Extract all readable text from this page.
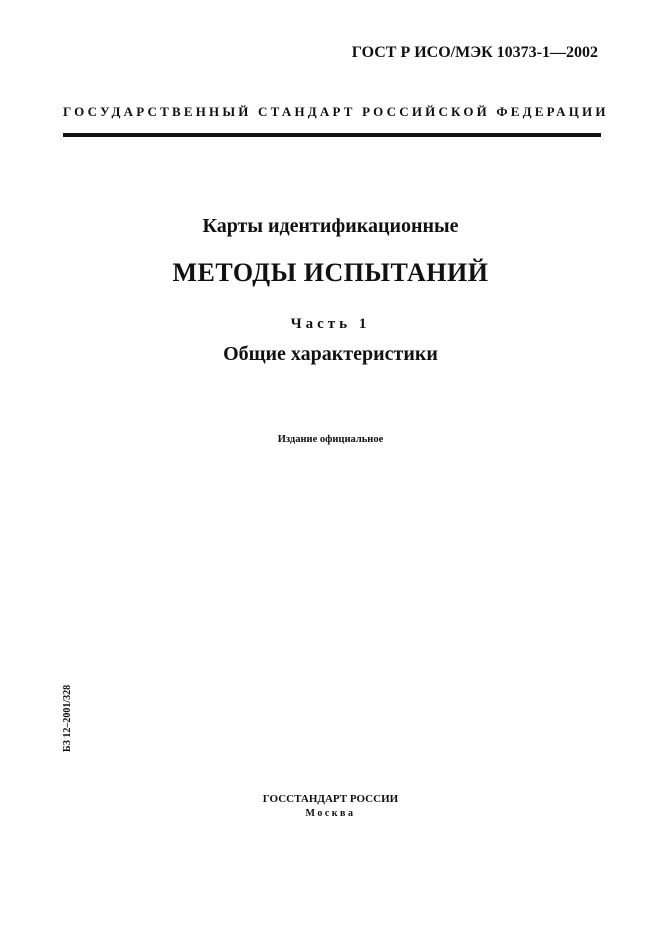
ГОСТ Р ИСО/МЭК 10373-1—2002
ГОСУДАРСТВЕННЫЙ СТАНДАРТ РОССИЙСКОЙ ФЕДЕРАЦИИ
Карты идентификационные
МЕТОДЫ ИСПЫТАНИЙ
Часть 1
Общие характеристики
Издание официальное
БЗ 12–2001/328
ГОССТАНДАРТ РОССИИ
Москва
